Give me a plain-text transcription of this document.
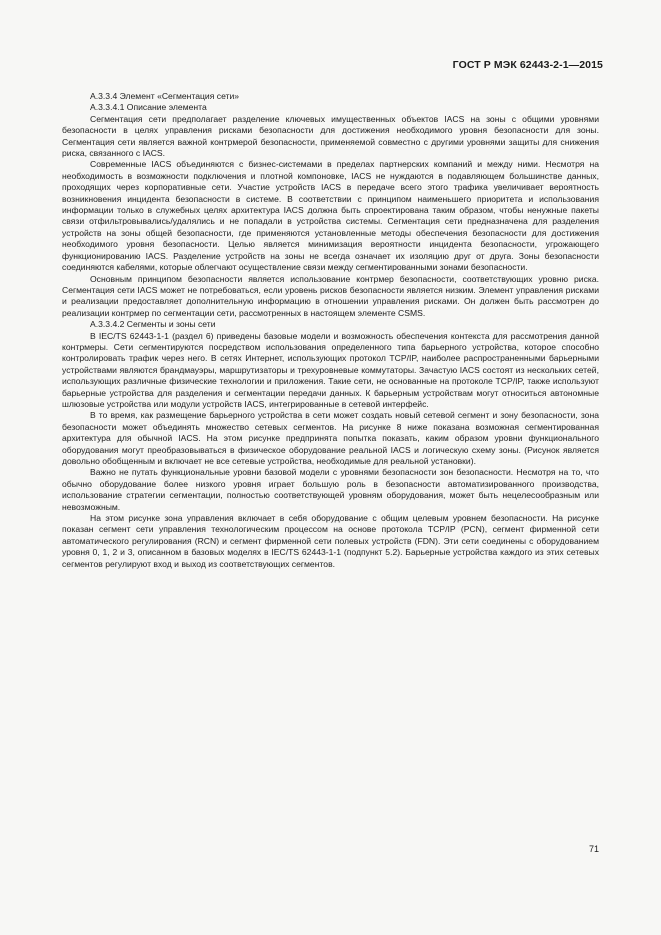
ГОСТ Р МЭК 62443-2-1—2015

A.3.3.4 Элемент «Сегментация сети»

A.3.3.4.1 Описание элемента

Сегментация сети предполагает разделение ключевых имущественных объектов IACS на зоны с общими уровнями безопасности в целях управления рисками безопасности для достижения необходимого уровня безопасности для зоны. Сегментация сети является важной контрмерой безопасности, применяемой совместно с другими уровнями защиты для снижения риска, связанного с IACS.

Современные IACS объединяются с бизнес-системами в пределах партнерских компаний и между ними. Несмотря на необходимость в возможности подключения и плотной компоновке, IACS не нуждаются в подавляющем большинстве данных, проходящих через корпоративные сети. Участие устройств IACS в передаче всего этого трафика увеличивает вероятность возникновения инцидента безопасности в системе. В соответствии с принципом наименьшего приоритета и использования информации только в служебных целях архитектура IACS должна быть спроектирована таким образом, чтобы ненужные пакеты связи отфильтровывались/удалялись и не попадали в устройства системы. Сегментация сети предназначена для разделения устройств на зоны общей безопасности, где применяются установленные методы обеспечения безопасности для достижения необходимого уровня безопасности. Целью является минимизация вероятности инцидента безопасности, угрожающего функционированию IACS. Разделение устройств на зоны не всегда означает их изоляцию друг от друга. Зоны безопасности соединяются кабелями, которые облегчают осуществление связи между сегментированными зонами безопасности.

Основным принципом безопасности является использование контрмер безопасности, соответствующих уровню риска. Сегментация сети IACS может не потребоваться, если уровень рисков безопасности является низким. Элемент управления рисками и реализации предоставляет дополнительную информацию в отношении управления рисками. Он должен быть рассмотрен до реализации контрмер по сегментации сети, рассмотренных в настоящем элементе CSMS.

A.3.3.4.2 Сегменты и зоны сети

В IEC/TS 62443-1-1 (раздел 6) приведены базовые модели и возможность обеспечения контекста для рассмотрения данной контрмеры. Сети сегментируются посредством использования определенного типа барьерного устройства, которое способно контролировать трафик через него. В сетях Интернет, использующих протокол TCP/IP, наиболее распространенными барьерными устройствами являются брандмауэры, маршрутизаторы и трехуровневые коммутаторы. Зачастую IACS состоят из нескольких сетей, использующих различные физические технологии и приложения. Такие сети, не основанные на протоколе TCP/IP, также используют барьерные устройства для разделения и сегментации передачи данных. К барьерным устройствам могут относиться автономные шлюзовые устройства или модули устройств IACS, интегрированные в сетевой интерфейс.

В то время, как размещение барьерного устройства в сети может создать новый сетевой сегмент и зону безопасности, зона безопасности может объединять множество сетевых сегментов. На рисунке 8 ниже показана возможная сегментированная архитектура для обычной IACS. На этом рисунке предпринята попытка показать, каким образом уровни функционального оборудования могут преобразовываться в физическое оборудование реальной IACS и логическую схему зоны. (Рисунок является довольно обобщенным и включает не все сетевые устройства, необходимые для реальной установки).

Важно не путать функциональные уровни базовой модели с уровнями безопасности зон безопасности. Несмотря на то, что обычно оборудование более низкого уровня играет большую роль в безопасности автоматизированного производства, использование стратегии сегментации, полностью соответствующей уровням оборудования, может быть нецелесообразным или невозможным.

На этом рисунке зона управления включает в себя оборудование с общим целевым уровнем безопасности. На рисунке показан сегмент сети управления технологическим процессом на основе протокола TCP/IP (PCN), сегмент фирменной сети автоматического регулирования (RCN) и сегмент фирменной сети полевых устройств (FDN). Эти сети соединены с оборудованием уровня 0, 1, 2 и 3, описанном в базовых моделях в IEC/TS 62443-1-1 (подпункт 5.2). Барьерные устройства каждого из этих сетевых сегментов регулируют вход и выход из соответствующих сегментов.

71
